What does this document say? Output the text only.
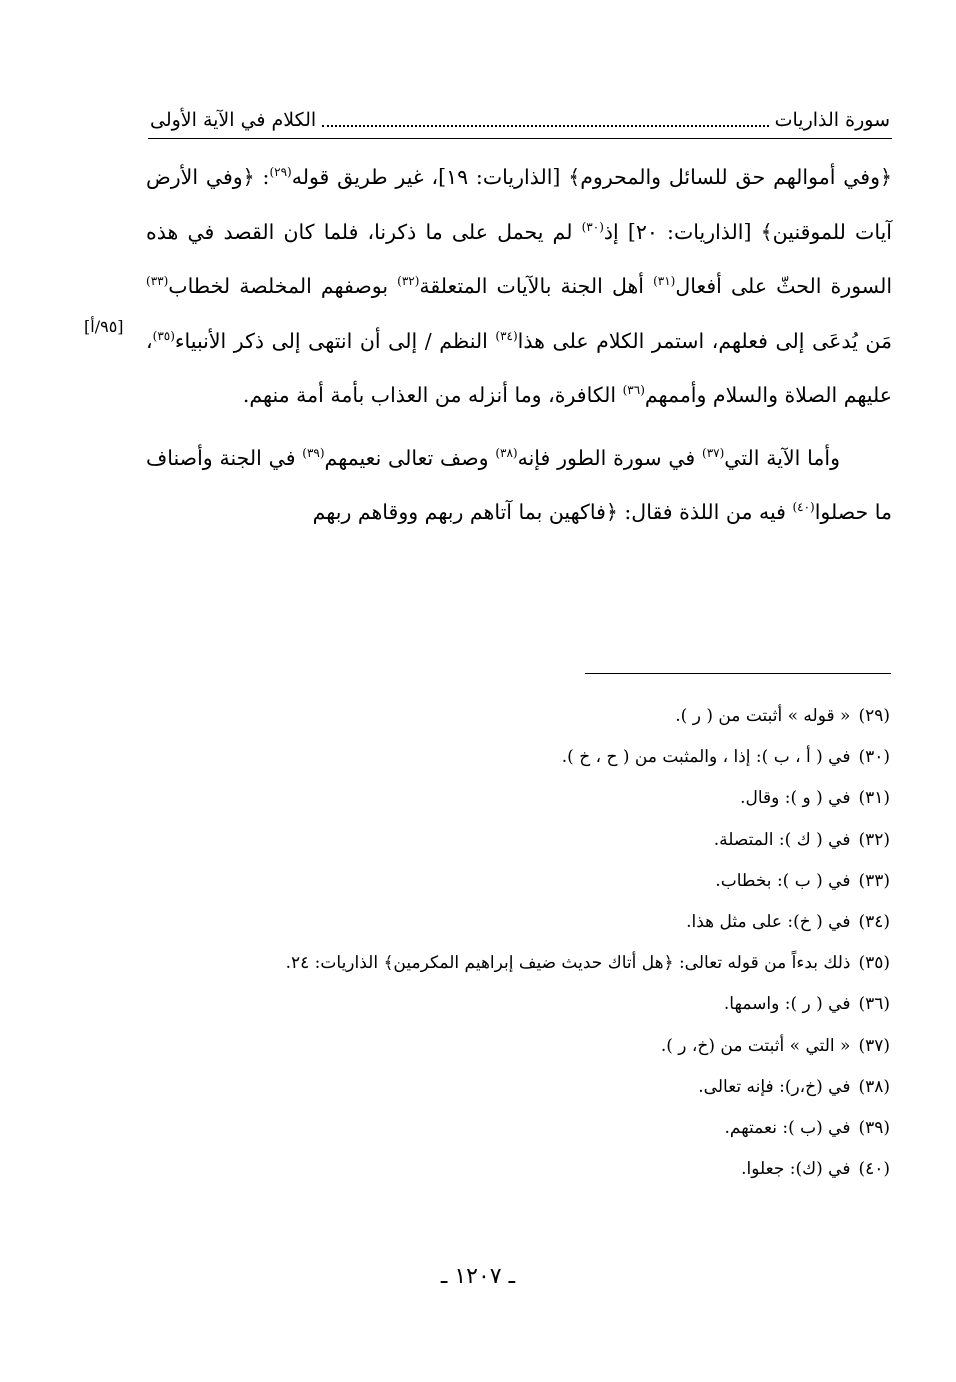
سورة الذاريات
الكلام في الآية الأولى
[٩٥/أ]

﴿وفي أموالهم حق للسائل والمحروم﴾ [الذاريات: ١٩]، غير طريق قوله$^{(٢٩)}$: ﴿وفي الأرض آيات للموقنين﴾ [الذاريات: ٢٠] إذ$^{(٣٠)}$ لم يحمل على ما ذكرنا، فلما كان القصد في هذه السورة الحثّ على أفعال$^{(٣١)}$ أهل الجنة بالآيات المتعلقة$^{(٣٢)}$ بوصفهم المخلصة لخطاب$^{(٣٣)}$ مَن يُدعَى إلى فعلهم، استمر الكلام على هذا$^{(٣٤)}$ النظم / إلى أن انتهى إلى ذكر الأنبياء$^{(٣٥)}$، عليهم الصلاة والسلام وأممهم$^{(٣٦)}$ الكافرة، وما أنزله من العذاب بأمة أمة منهم.

وأما الآية التي$^{(٣٧)}$ في سورة الطور فإنه$^{(٣٨)}$ وصف تعالى نعيمهم$^{(٣٩)}$ في الجنة وأصناف ما حصلوا$^{(٤٠)}$ فيه من اللذة فقال: ﴿فاكهين بما آتاهم ربهم ووقاهم ربهم

(٢٩)« قوله » أثبتت من ( ر ).

(٣٠)في ( أ ، ب ): إذا ، والمثبت من ( ح ، خ ).

(٣١)في ( و ): وقال.

(٣٢)في ( ك ): المتصلة.

(٣٣)في ( ب ): بخطاب.

(٣٤)في ( خ): على مثل هذا.

(٣٥)ذلك بدءاً من قوله تعالى: ﴿هل أتاك حديث ضيف إبراهيم المكرمين﴾ الذاريات: ٢٤.

(٣٦)في ( ر ): واسمها.

(٣٧)« التي » أثبتت من (خ، ر ).

(٣٨)في (خ،ر): فإنه تعالى.

(٣٩)في (ب ): نعمتهم.

(٤٠)في (ك): جعلوا.

ـ ١٢٠٧ ـ
